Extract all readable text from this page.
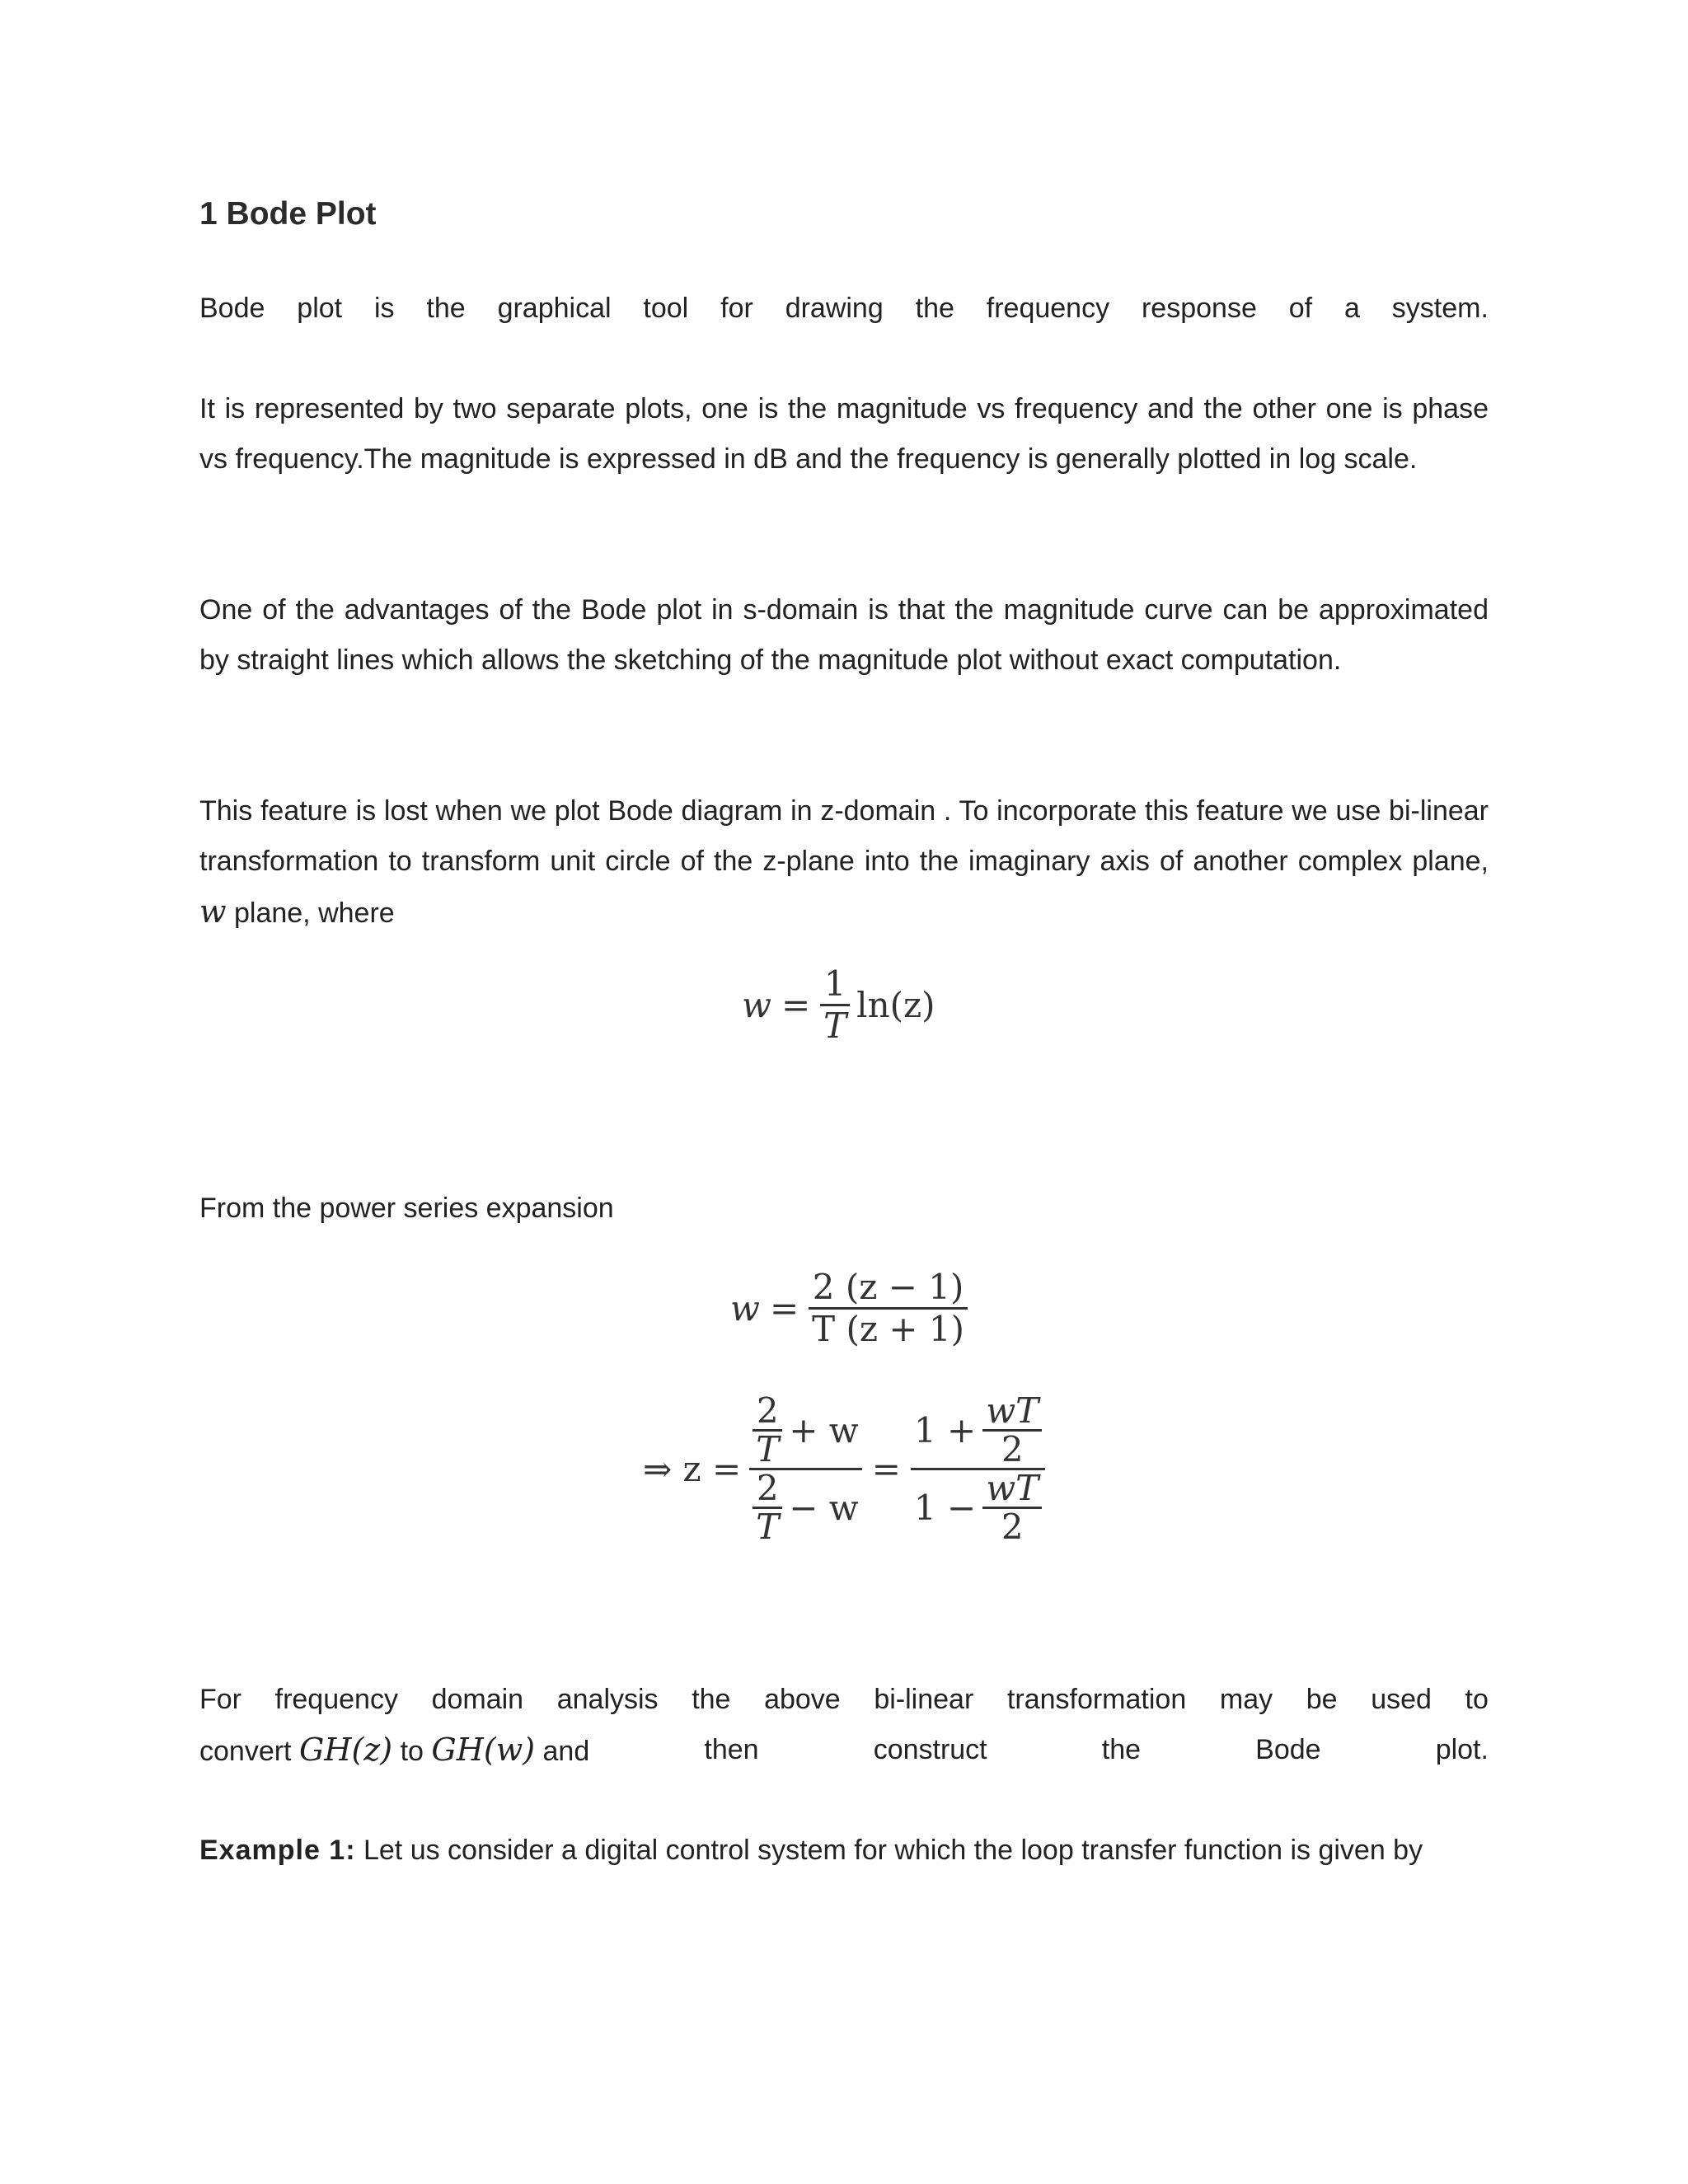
1 Bode Plot
Bode plot is the graphical tool for drawing the frequency response of a system.

It is represented by two separate plots, one is the magnitude vs frequency and the other one is phase vs frequency.The magnitude is expressed in dB and the frequency is generally plotted in log scale.

One of the advantages of the Bode plot in s-domain is that the magnitude curve can be approximated by straight lines which allows the sketching of the magnitude plot without exact computation.

This feature is lost when we plot Bode diagram in z-domain . To incorporate this feature we use bi-linear transformation to transform unit circle of the z-plane into the imaginary axis of another complex plane, w plane, where

$w = \frac{1}{T} \ln(z)$

From the power series expansion

$w = \frac{2 (z - 1)}{T (z + 1)}$
⇒ $z = \frac{\frac{2}{T} + w}{\frac{2}{T} - w} = \frac{1 + \frac{wT}{2}}{1 - \frac{wT}{2}}$
For frequency domain analysis the above bi-linear transformation may be used to
convert GH(z) to GH(w) and	then	construct	the	Bode	plot.

Example 1: Let us consider a digital control system for which the loop transfer function is given by
